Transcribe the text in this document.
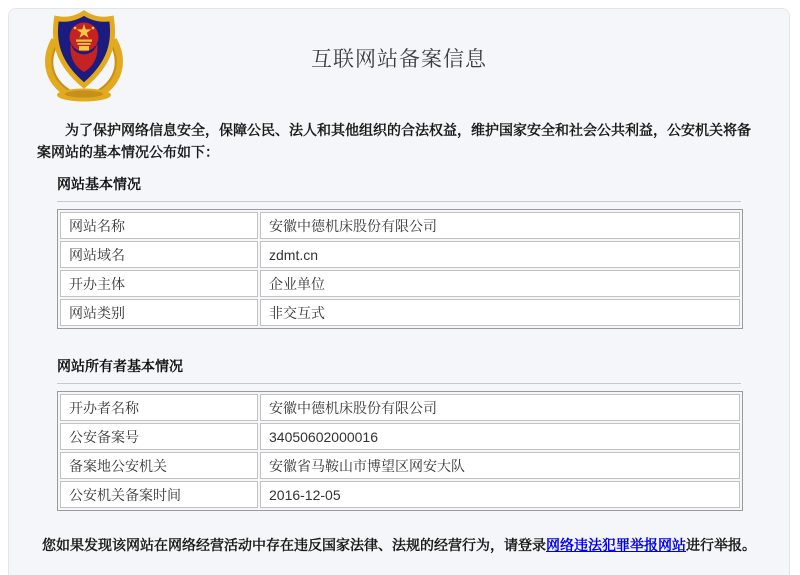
互联网站备案信息

为了保护网络信息安全，保障公民、法人和其他组织的合法权益，维护国家安全和社会公共利益，公安机关将备案网站的基本情况公布如下：

网站基本情况
网站名称	安徽中德机床股份有限公司
网站域名	zdmt.cn
开办主体	企业单位
网站类别	非交互式
网站所有者基本情况
开办者名称	安徽中德机床股份有限公司
公安备案号	34050602000016
备案地公安机关	安徽省马鞍山市博望区网安大队
公安机关备案时间	2016-12-05

您如果发现该网站在网络经营活动中存在违反国家法律、法规的经营行为，请登录网络违法犯罪举报网站进行举报。
